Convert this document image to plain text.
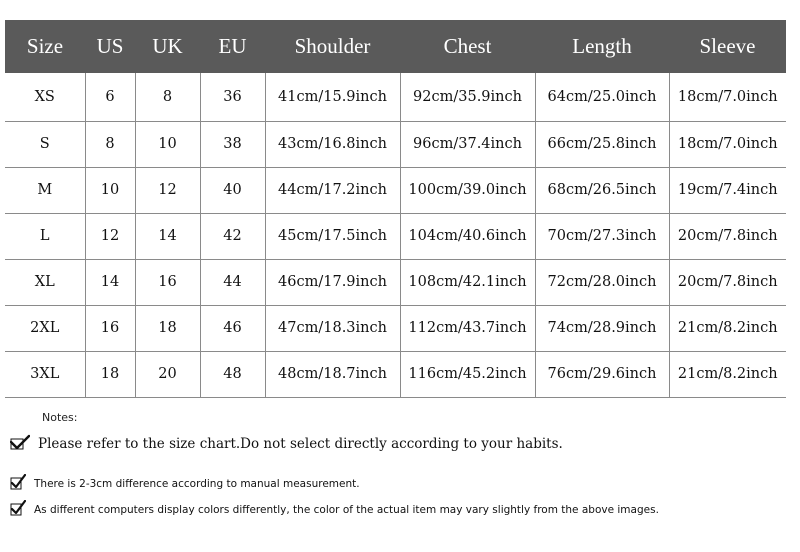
Size	US	UK	EU	Shoulder	Chest	Length	Sleeve
XS	6	8	36	41cm/15.9inch	92cm/35.9inch	64cm/25.0inch	18cm/7.0inch
S	8	10	38	43cm/16.8inch	96cm/37.4inch	66cm/25.8inch	18cm/7.0inch
M	10	12	40	44cm/17.2inch	100cm/39.0inch	68cm/26.5inch	19cm/7.4inch
L	12	14	42	45cm/17.5inch	104cm/40.6inch	70cm/27.3inch	20cm/7.8inch
XL	14	16	44	46cm/17.9inch	108cm/42.1inch	72cm/28.0inch	20cm/7.8inch
2XL	16	18	46	47cm/18.3inch	112cm/43.7inch	74cm/28.9inch	21cm/8.2inch
3XL	18	20	48	48cm/18.7inch	116cm/45.2inch	76cm/29.6inch	21cm/8.2inch
Notes:
Please refer to the size chart.Do not select directly according to your habits.
There is 2-3cm difference according to manual measurement.
As different computers display colors differently, the color of the actual item may vary slightly from the above images.
